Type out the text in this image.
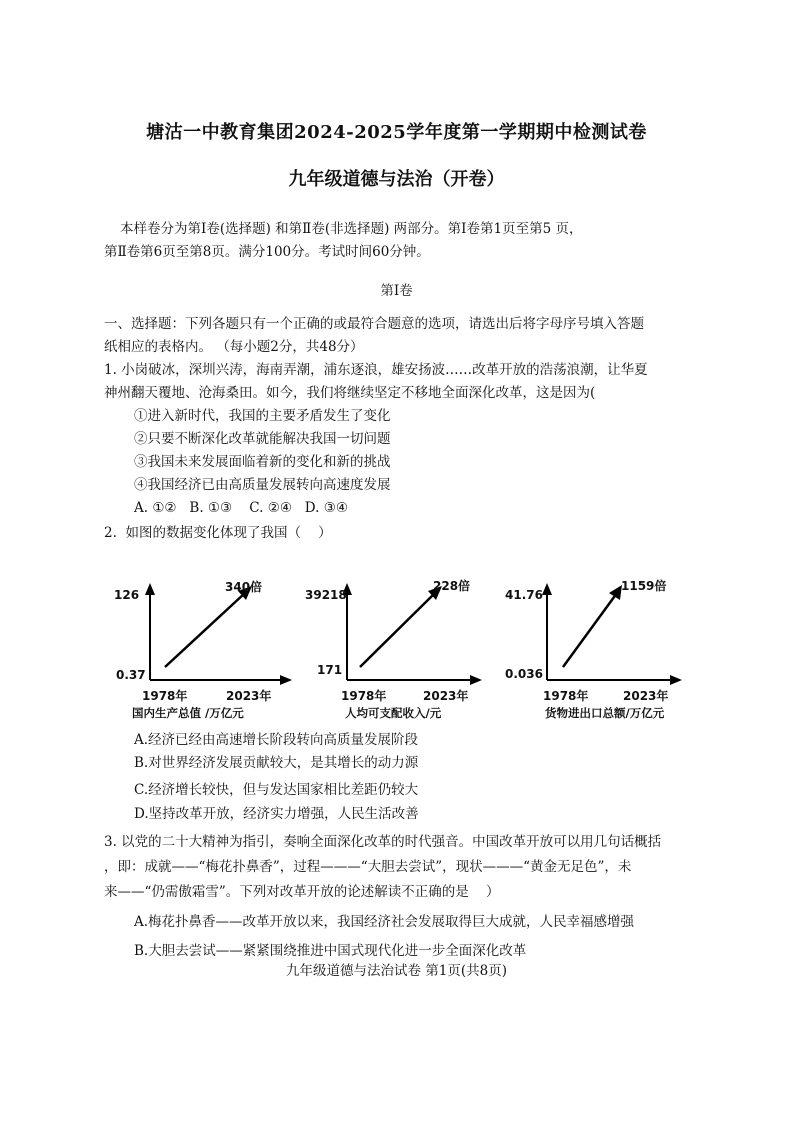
塘沽一中教育集团2024-2025学年度第一学期期中检测试卷
九年级道德与法治（开卷）
本样卷分为第Ⅰ卷(选择题) 和第Ⅱ卷(非选择题) 两部分。第Ⅰ卷第1页至第5 页，
第Ⅱ卷第6页至第8页。满分100分。考试时间60分钟。
第Ⅰ卷
一、选择题：下列各题只有一个正确的或最符合题意的选项，请选出后将字母序号填入答题
纸相应的表格内。 （每小题2分，共48分）
1. 小岗破冰，深圳兴涛，海南弄潮，浦东逐浪，雄安扬波……改革开放的浩荡浪潮，让华夏
神州翻天覆地、沧海桑田。如今，我们将继续坚定不移地全面深化改革，这是因为(
①进入新时代，我国的主要矛盾发生了变化
②只要不断深化改革就能解决我国一切问题
③我国未来发展面临着新的变化和新的挑战
④我国经济已由高质量发展转向高速度发展
A. ①②   B. ①③    C. ②④   D. ③④
2.  如图的数据变化体现了我国（    ）
126
0.37
340倍
1978年	2023年
国内生产总值 /万亿元
39218
171
228倍
1978年	2023年
人均可支配收入/元
41.76
0.036
1159倍
1978年	2023年
货物进出口总额/万亿元
A.经济已经由高速增长阶段转向高质量发展阶段
B.对世界经济发展贡献较大，是其增长的动力源
C.经济增长较快，但与发达国家相比差距仍较大
D.坚持改革开放，经济实力增强，人民生活改善
3. 以党的二十大精神为指引，奏响全面深化改革的时代强音。中国改革开放可以用几句话概括
，即：成就——“梅花扑鼻香”，过程———“大胆去尝试”，现状———“黄金无足色”，未
来——“仍需傲霜雪”。下列对改革开放的论述解读不正确的是    ）
A.梅花扑鼻香——改革开放以来，我国经济社会发展取得巨大成就，人民幸福感增强
B.大胆去尝试——紧紧围绕推进中国式现代化进一步全面深化改革
九年级道德与法治试卷 第1页(共8页)
